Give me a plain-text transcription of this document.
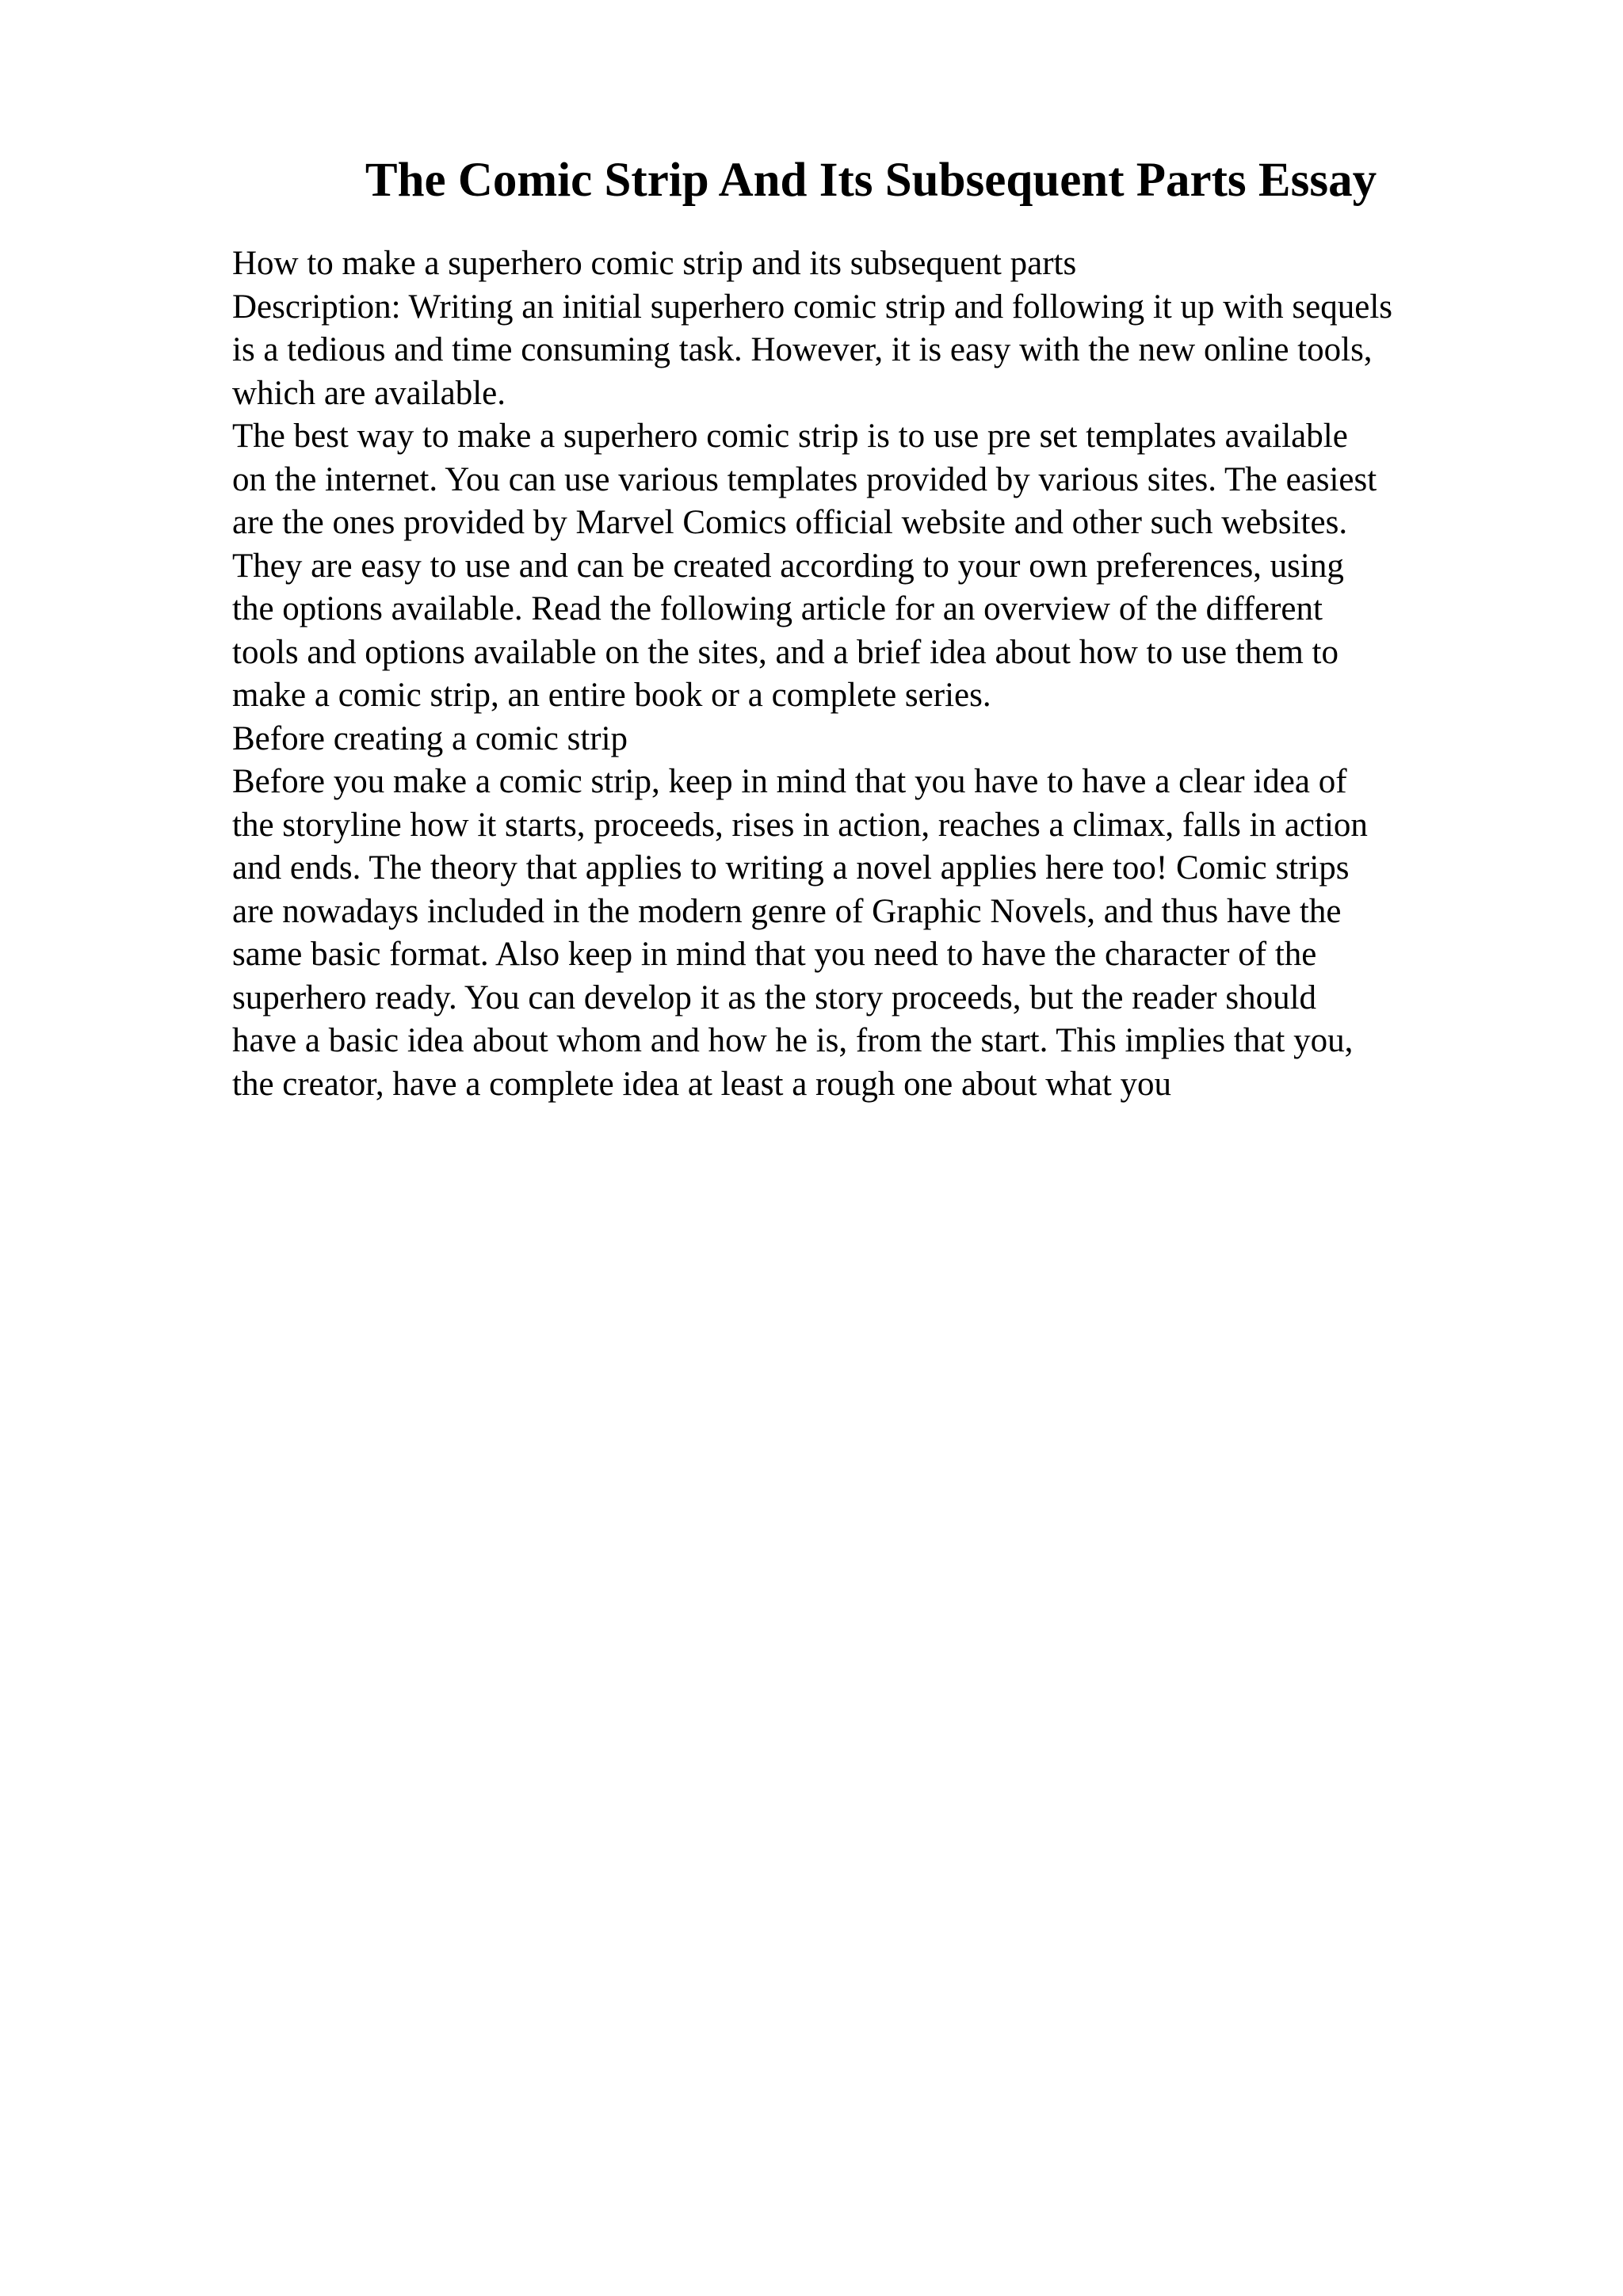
The Comic Strip And Its Subsequent Parts Essay
How to make a superhero comic strip and its subsequent parts
Description: Writing an initial superhero comic strip and following it up with sequels
is a tedious and time consuming task. However, it is easy with the new online tools,
which are available.
The best way to make a superhero comic strip is to use pre set templates available
on the internet. You can use various templates provided by various sites. The easiest
are the ones provided by Marvel Comics official website and other such websites.
They are easy to use and can be created according to your own preferences, using
the options available. Read the following article for an overview of the different
tools and options available on the sites, and a brief idea about how to use them to
make a comic strip, an entire book or a complete series.
Before creating a comic strip
Before you make a comic strip, keep in mind that you have to have a clear idea of
the storyline how it starts, proceeds, rises in action, reaches a climax, falls in action
and ends. The theory that applies to writing a novel applies here too! Comic strips
are nowadays included in the modern genre of Graphic Novels, and thus have the
same basic format. Also keep in mind that you need to have the character of the
superhero ready. You can develop it as the story proceeds, but the reader should
have a basic idea about whom and how he is, from the start. This implies that you,
the creator, have a complete idea at least a rough one about what you
